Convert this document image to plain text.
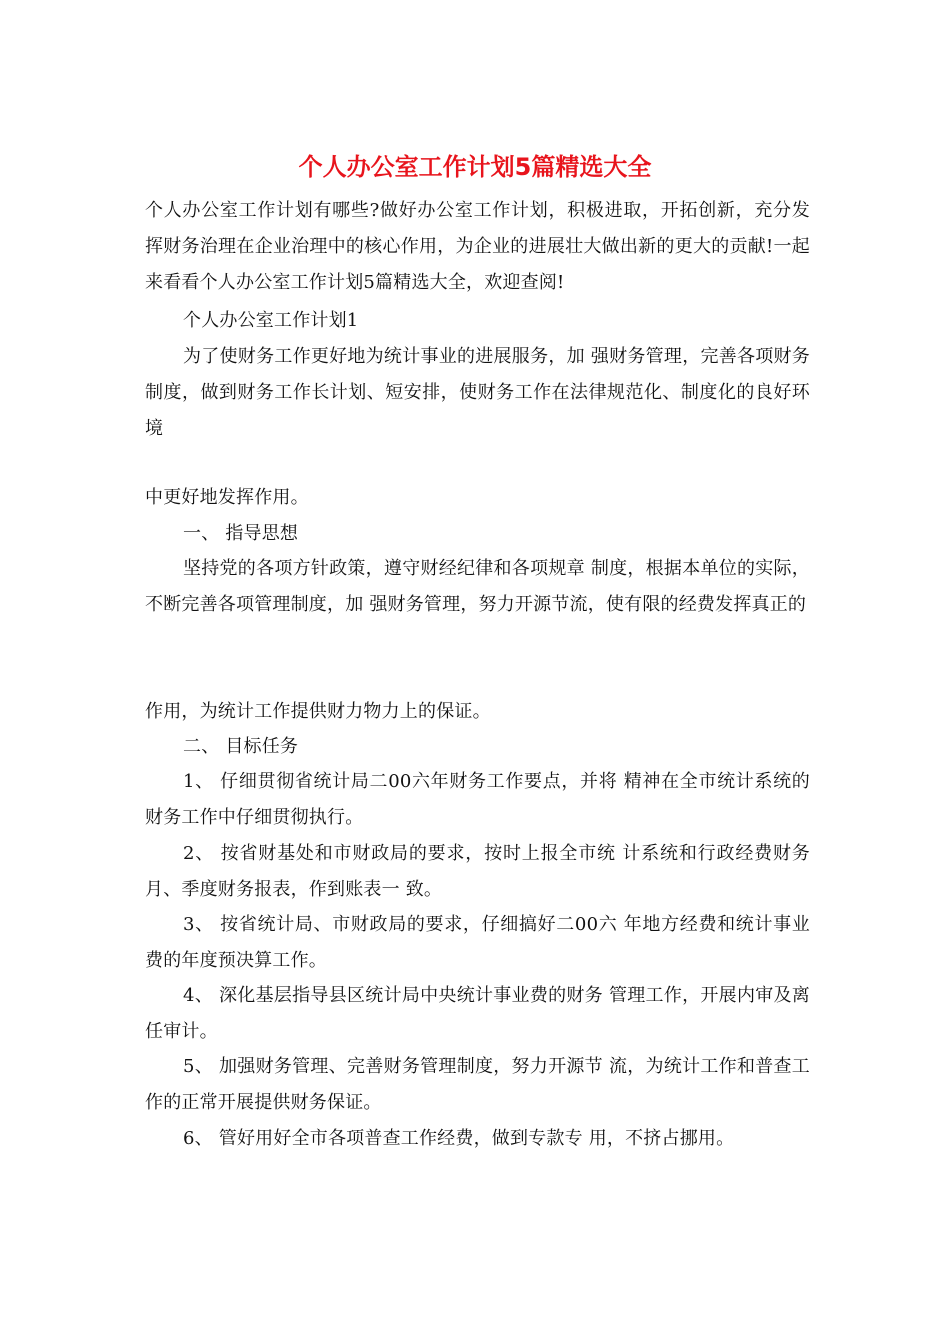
个人办公室工作计划5篇精选大全

个人办公室工作计划有哪些?做好办公室工作计划，积极进取，开拓创新，充分发挥财务治理在企业治理中的核心作用，为企业的进展壮大做出新的更大的贡献!一起来看看个人办公室工作计划5篇精选大全，欢迎查阅!

个人办公室工作计划1

为了使财务工作更好地为统计事业的进展服务，加 强财务管理，完善各项财务制度，做到财务工作长计划、短安排，使财务工作在法律规范化、制度化的良好环境

中更好地发挥作用。

一、 指导思想

坚持党的各项方针政策，遵守财经纪律和各项规章 制度，根据本单位的实际，不断完善各项管理制度，加 强财务管理，努力开源节流，使有限的经费发挥真正的

作用，为统计工作提供财力物力上的保证。

二、 目标任务

1、 仔细贯彻省统计局二00六年财务工作要点，并将 精神在全市统计系统的财务工作中仔细贯彻执行。

2、 按省财基处和市财政局的要求，按时上报全市统 计系统和行政经费财务月、季度财务报表，作到账表一 致。

3、 按省统计局、市财政局的要求，仔细搞好二00六 年地方经费和统计事业费的年度预决算工作。

4、 深化基层指导县区统计局中央统计事业费的财务 管理工作，开展内审及离任审计。

5、 加强财务管理、完善财务管理制度，努力开源节 流，为统计工作和普查工作的正常开展提供财务保证。

6、 管好用好全市各项普查工作经费，做到专款专 用，不挤占挪用。
